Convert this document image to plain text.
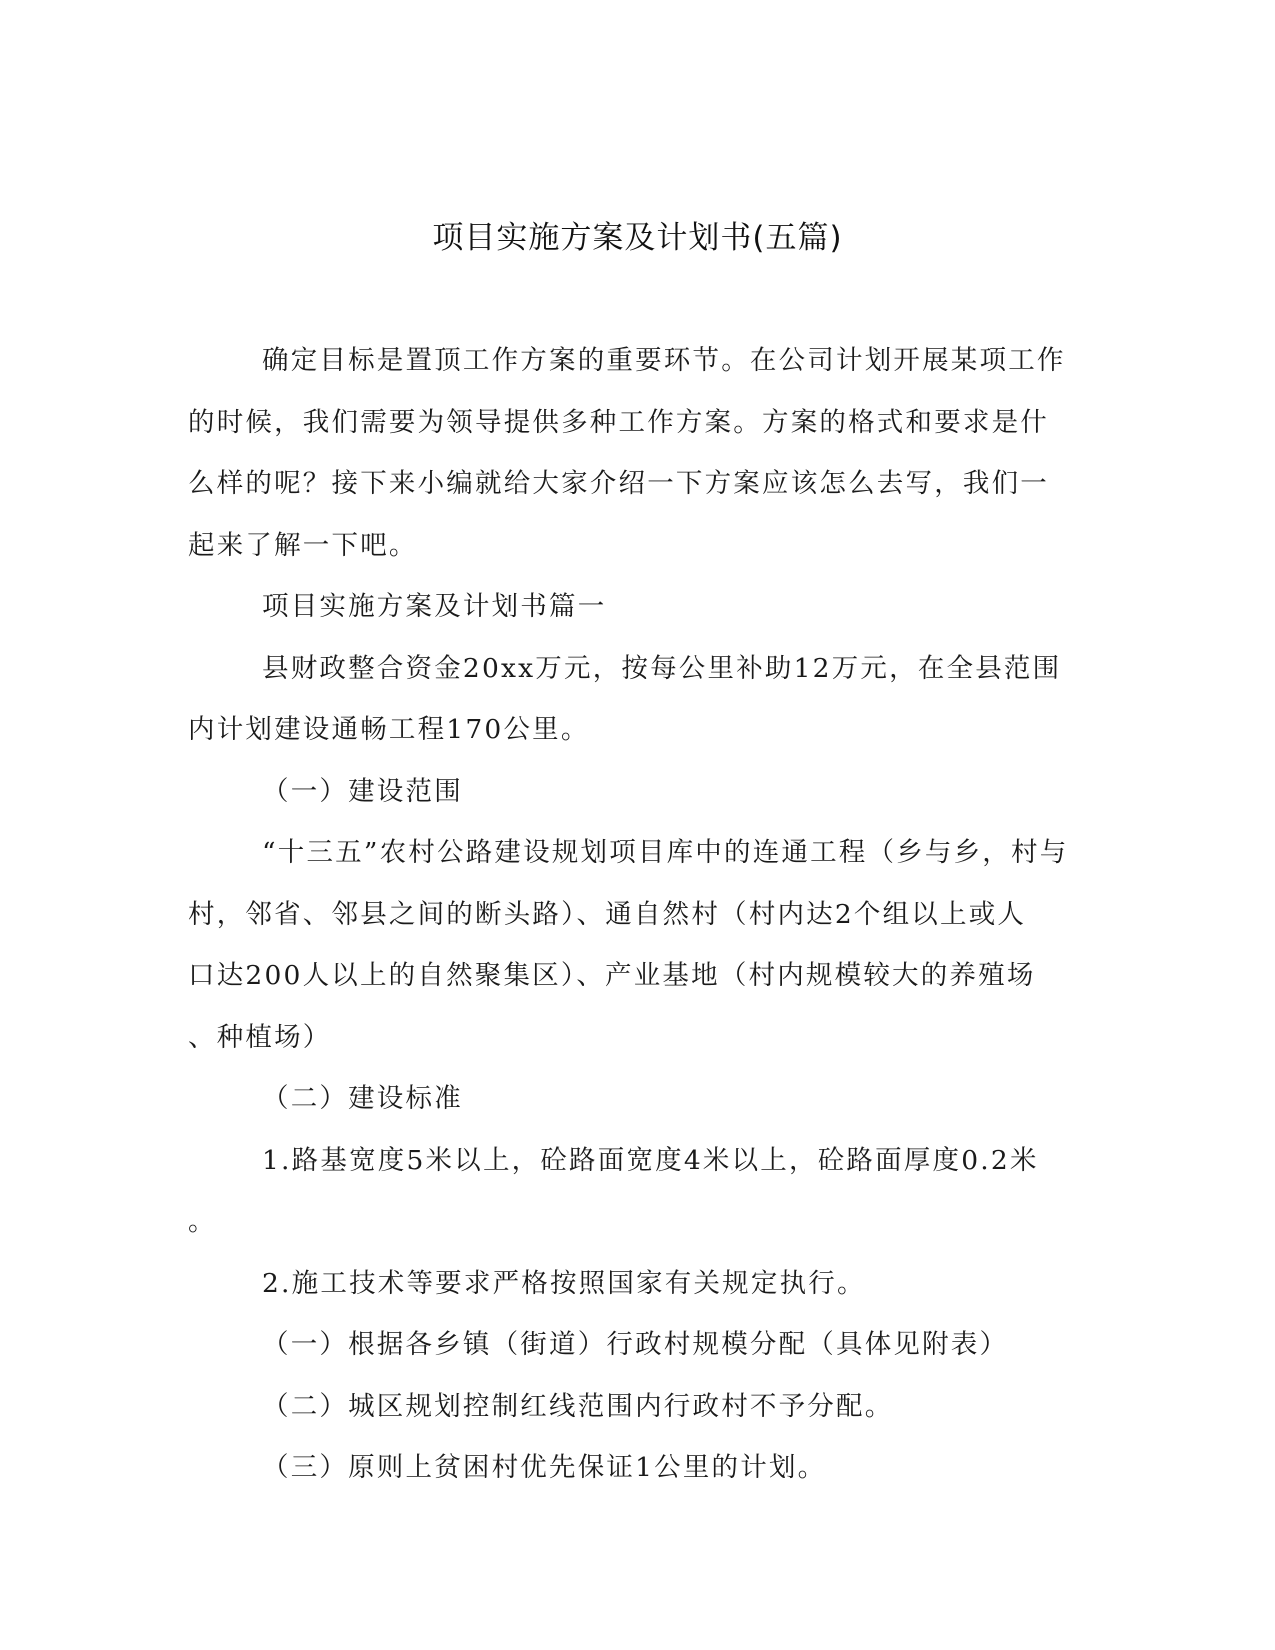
项目实施方案及计划书(五篇)

确定目标是置顶工作方案的重要环节。在公司计划开展某项工作

的时候，我们需要为领导提供多种工作方案。方案的格式和要求是什

么样的呢？接下来小编就给大家介绍一下方案应该怎么去写，我们一

起来了解一下吧。

项目实施方案及计划书篇一

县财政整合资金20xx万元，按每公里补助12万元，在全县范围

内计划建设通畅工程170公里。

（一）建设范围

“十三五”农村公路建设规划项目库中的连通工程（乡与乡，村与

村，邻省、邻县之间的断头路）、通自然村（村内达2个组以上或人

口达200人以上的自然聚集区）、产业基地（村内规模较大的养殖场

、种植场）

（二）建设标准

1.路基宽度5米以上，砼路面宽度4米以上，砼路面厚度0.2米

。

2.施工技术等要求严格按照国家有关规定执行。

（一）根据各乡镇（街道）行政村规模分配（具体见附表）

（二）城区规划控制红线范围内行政村不予分配。

（三）原则上贫困村优先保证1公里的计划。
